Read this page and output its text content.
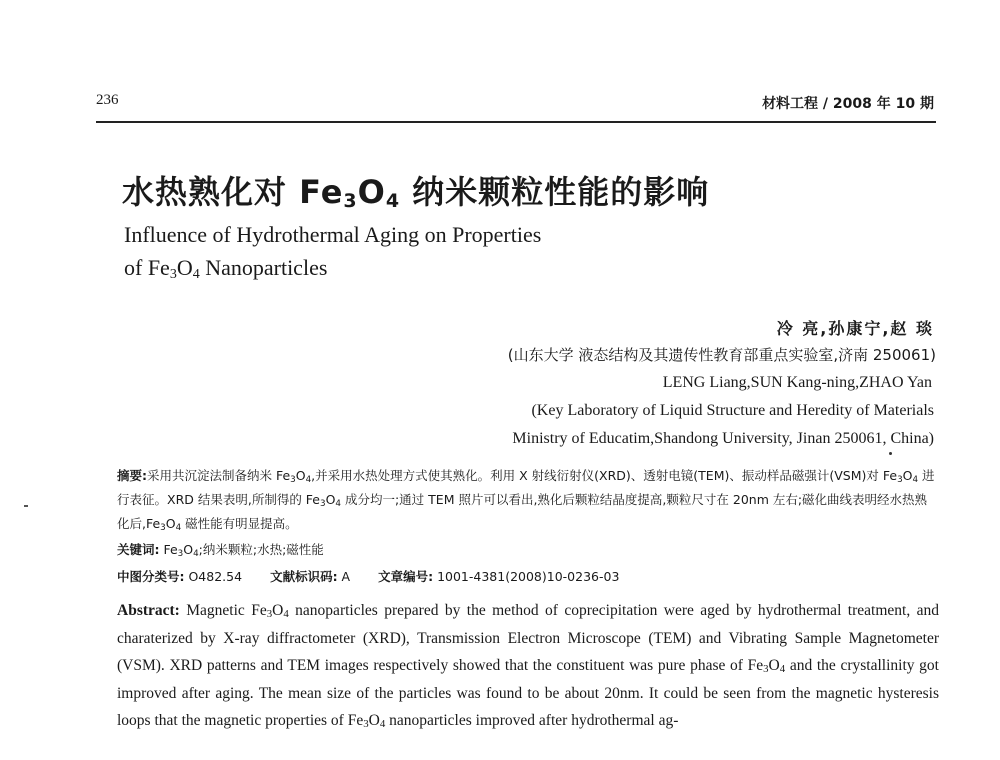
236	材料工程 / 2008 年 10 期
水热熟化对 $Fe_3O_4$ 纳米颗粒性能的影响
Influence of Hydrothermal Aging on Properties
of $Fe_3O_4$ Nanoparticles
冷 亮,孙康宁,赵 琰
(山东大学 液态结构及其遗传性教育部重点实验室,济南 250061)
LENG Liang,SUN Kang-ning,ZHAO Yan
(Key Laboratory of Liquid Structure and Heredity of Materials
Ministry of Educatim,Shandong University, Jinan 250061, China)
摘要:采用共沉淀法制备纳米 $Fe_3O_4$,并采用水热处理方式使其熟化。利用 X 射线衍射仪(XRD)、透射电镜(TEM)、振动样品磁强计(VSM)对 $Fe_3O_4$ 进行表征。XRD 结果表明,所制得的 $Fe_3O_4$ 成分均一;通过 TEM 照片可以看出,熟化后颗粒结晶度提高,颗粒尺寸在 20nm 左右;磁化曲线表明经水热熟化后$,Fe_3O_4$ 磁性能有明显提高。
关键词: $Fe_3O_4$;纳米颗粒;水热;磁性能
中图分类号: O482.54 文献标识码: A 文章编号: 1001-4381(2008)10-0236-03
Abstract: Magnetic $Fe_3O_4$ nanoparticles prepared by the method of coprecipitation were aged by hydrothermal treatment, and charaterized by X-ray diffractometer (XRD), Transmission Electron Microscope (TEM) and Vibrating Sample Magnetometer (VSM). XRD patterns and TEM images respectively showed that the constituent was pure phase of $Fe_3O_4$ and the crystallinity got improved after aging. The mean size of the particles was found to be about 20nm. It could be seen from the magnetic hysteresis loops that the magnetic properties of $Fe_3O_4$ nanoparticles improved after hydrothermal ag-
